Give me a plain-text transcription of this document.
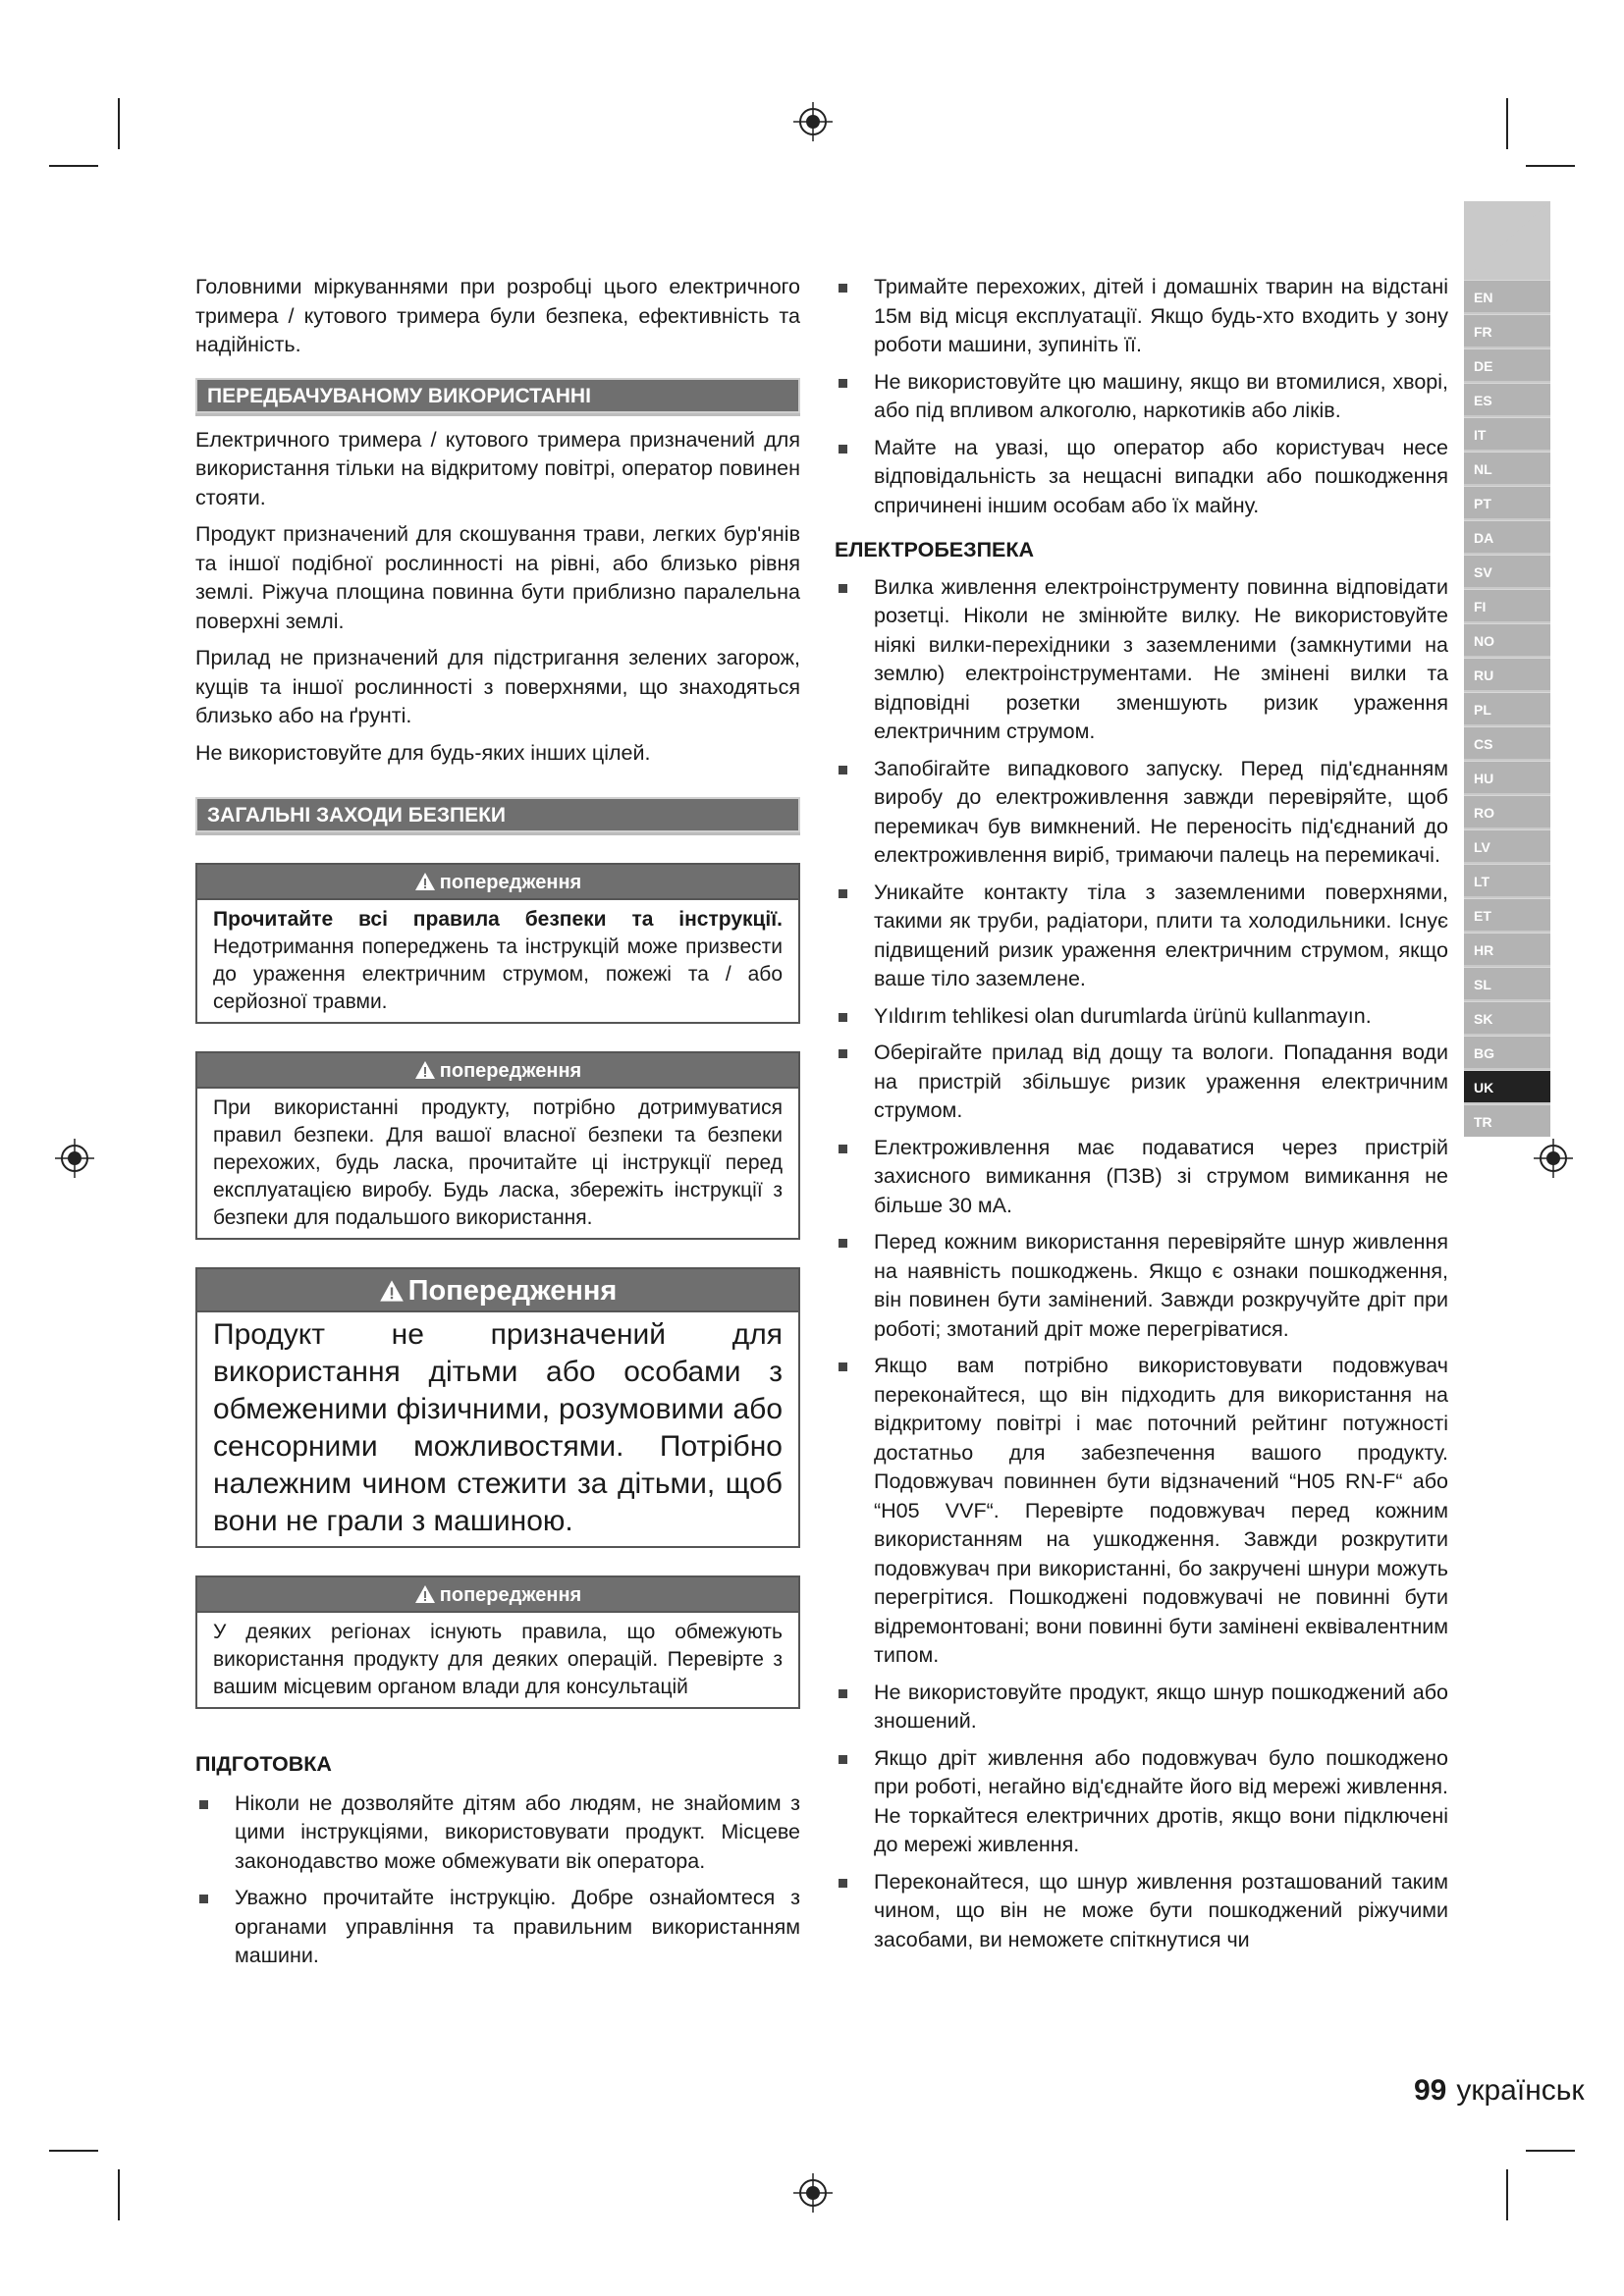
Головними міркуваннями при розробці цього електричного тримера / кутового тримера були безпека, ефективність та надійність.

ПЕРЕДБАЧУВАНОМУ ВИКОРИСТАННІ

Електричного тримера / кутового тримера призначений для використання тільки на відкритому повітрі, оператор повинен стояти.

Продукт призначений для скошування трави, легких бур'янів та іншої подібної рослинності на рівні, або близько рівня землі. Ріжуча площина повинна бути приблизно паралельна поверхні землі.

Прилад не призначений для підстригання зелених загорож, кущів та іншої рослинності з поверхнями, що знаходяться близько або на ґрунті.

Не використовуйте для будь-яких інших цілей.

ЗАГАЛЬНІ ЗАХОДИ БЕЗПЕКИ
попередження
Прочитайте всі правила безпеки та інструкції. Недотримання попереджень та інструкцій може призвести до ураження електричним струмом, пожежі та / або серйозної травми.
попередження
При використанні продукту, потрібно дотримуватися правил безпеки. Для вашої власної безпеки та безпеки перехожих, будь ласка, прочитайте ці інструкції перед експлуатацією виробу. Будь ласка, збережіть інструкції з безпеки для подальшого використання.
Попередження
Продукт не призначений для використання дітьми або особами з обмеженими фізичними, розумовими або сенсорними можливостями. Потрібно належним чином стежити за дітьми, щоб вони не грали з машиною.
попередження
У деяких регіонах існують правила, що обмежують використання продукту для деяких операцій. Перевірте з вашим місцевим органом влади для консультацій
ПІДГОТОВКА
Ніколи не дозволяйте дітям або людям, не знайомим з цими інструкціями, використовувати продукт. Місцеве законодавство може обмежувати вік оператора.
Уважно прочитайте інструкцію. Добре ознайомтеся з органами управління та правильним використанням машини.
Тримайте перехожих, дітей і домашніх тварин на відстані 15м від місця експлуатації. Якщо будь-хто входить у зону роботи машини, зупиніть її.
Не використовуйте цю машину, якщо ви втомилися, хворі, або під впливом алкоголю, наркотиків або ліків.
Майте на увазі, що оператор або користувач несе відповідальність за нещасні випадки або пошкодження спричинені іншим особам або їх майну.
ЕЛЕКТРОБЕЗПЕКА
Вилка живлення електроінструменту повинна відповідати розетці. Ніколи не змінюйте вилку. Не використовуйте ніякі вилки-перехідники з заземленими (замкнутими на землю) електроінструментами. Не змінені вилки та відповідні розетки зменшують ризик ураження електричним струмом.
Запобігайте випадкового запуску. Перед під'єднанням виробу до електроживлення завжди перевіряйте, щоб перемикач був вимкнений. Не переносіть під'єднаний до електроживлення виріб, тримаючи палець на перемикачі.
Уникайте контакту тіла з заземленими поверхнями, такими як труби, радіатори, плити та холодильники. Існує підвищений ризик ураження електричним струмом, якщо ваше тіло заземлене.
Yıldırım tehlikesi olan durumlarda ürünü kullanmayın.
Оберігайте прилад від дощу та вологи. Попадання води на пристрій збільшує ризик ураження електричним струмом.
Електроживлення має подаватися через пристрій захисного вимикання (ПЗВ) зі струмом вимикання не більше 30 мА.
Перед кожним використання перевіряйте шнур живлення на наявність пошкоджень. Якщо є ознаки пошкодження, він повинен бути замінений. Завжди розкручуйте дріт при роботі; змотаний дріт може перегріватися.
Якщо вам потрібно використовувати подовжувач переконайтеся, що він підходить для використання на відкритому повітрі і має поточний рейтинг потужності достатньо для забезпечення вашого продукту. Подовжувач повиннен бути відзначений “H05 RN-F“ або “H05 VVF“. Перевірте подовжувач перед кожним використанням на ушкодження. Завжди розкрутити подовжувач при використанні, бо закручені шнури можуть перегрітися. Пошкоджені подовжувачі не повинні бути відремонтовані; вони повинні бути замінені еквівалентним типом.
Не використовуйте продукт, якщо шнур пошкоджений або зношений.
Якщо дріт живлення або подовжувач було пошкоджено при роботі, негайно від'єднайте його від мережі живлення. Не торкайтеся електричних дротів, якщо вони підключені до мережі живлення.
Переконайтеся, що шнур живлення розташований таким чином, що він не може бути пошкоджений ріжучими засобами, ви неможете спіткнутися чи
EN
FR
DE
ES
IT
NL
PT
DA
SV
FI
NO
RU
PL
CS
HU
RO
LV
LT
ET
HR
SL
SK
BG
UK
TR
99 українськ
